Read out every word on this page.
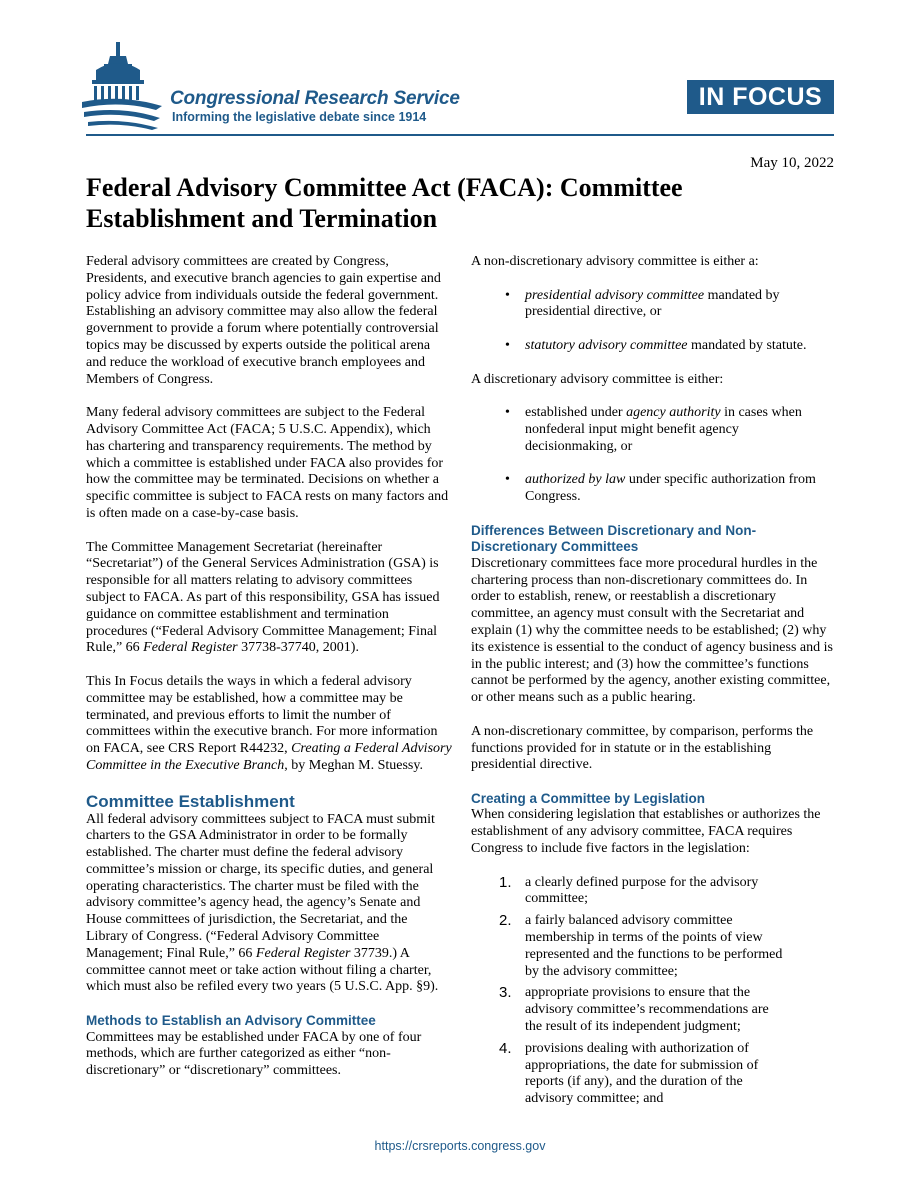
Congressional Research Service
Informing the legislative debate since 1914
IN FOCUS
May 10, 2022
Federal Advisory Committee Act (FACA): Committee Establishment and Termination

Federal advisory committees are created by Congress, Presidents, and executive branch agencies to gain expertise and policy advice from individuals outside the federal government. Establishing an advisory committee may also allow the federal government to provide a forum where potentially controversial topics may be discussed by experts outside the political arena and reduce the workload of executive branch employees and Members of Congress.

Many federal advisory committees are subject to the Federal Advisory Committee Act (FACA; 5 U.S.C. Appendix), which has chartering and transparency requirements. The method by which a committee is established under FACA also provides for how the committee may be terminated. Decisions on whether a specific committee is subject to FACA rests on many factors and is often made on a case-by-case basis.

The Committee Management Secretariat (hereinafter “Secretariat”) of the General Services Administration (GSA) is responsible for all matters relating to advisory committees subject to FACA. As part of this responsibility, GSA has issued guidance on committee establishment and termination procedures (“Federal Advisory Committee Management; Final Rule,” 66 Federal Register 37738-37740, 2001).

This In Focus details the ways in which a federal advisory committee may be established, how a committee may be terminated, and previous efforts to limit the number of committees within the executive branch. For more information on FACA, see CRS Report R44232, Creating a Federal Advisory Committee in the Executive Branch, by Meghan M. Stuessy.

Committee Establishment

All federal advisory committees subject to FACA must submit charters to the GSA Administrator in order to be formally established. The charter must define the federal advisory committee’s mission or charge, its specific duties, and general operating characteristics. The charter must be filed with the advisory committee’s agency head, the agency’s Senate and House committees of jurisdiction, the Secretariat, and the Library of Congress. (“Federal Advisory Committee Management; Final Rule,” 66 Federal Register 37739.) A committee cannot meet or take action without filing a charter, which must also be refiled every two years (5 U.S.C. App. §9).

Methods to Establish an Advisory Committee

Committees may be established under FACA by one of four methods, which are further categorized as either “non-discretionary” or “discretionary” committees.

A non-discretionary advisory committee is either a:

• presidential advisory committee mandated by presidential directive, or
• statutory advisory committee mandated by statute.

A discretionary advisory committee is either:

• established under agency authority in cases when nonfederal input might benefit agency decisionmaking, or
• authorized by law under specific authorization from Congress.
Differences Between Discretionary and Non-Discretionary Committees

Discretionary committees face more procedural hurdles in the chartering process than non-discretionary committees do. In order to establish, renew, or reestablish a discretionary committee, an agency must consult with the Secretariat and explain (1) why the committee needs to be established; (2) why its existence is essential to the conduct of agency business and is in the public interest; and (3) how the committee’s functions cannot be performed by the agency, another existing committee, or other means such as a public hearing.

A non-discretionary committee, by comparison, performs the functions provided for in statute or in the establishing presidential directive.

Creating a Committee by Legislation

When considering legislation that establishes or authorizes the establishment of any advisory committee, FACA requires Congress to include five factors in the legislation:

1. a clearly defined purpose for the advisory committee;
2. a fairly balanced advisory committee membership in terms of the points of view represented and the functions to be performed by the advisory committee;
3. appropriate provisions to ensure that the advisory committee’s recommendations are the result of its independent judgment;
4. provisions dealing with authorization of appropriations, the date for submission of reports (if any), and the duration of the advisory committee; and
https://crsreports.congress.gov
